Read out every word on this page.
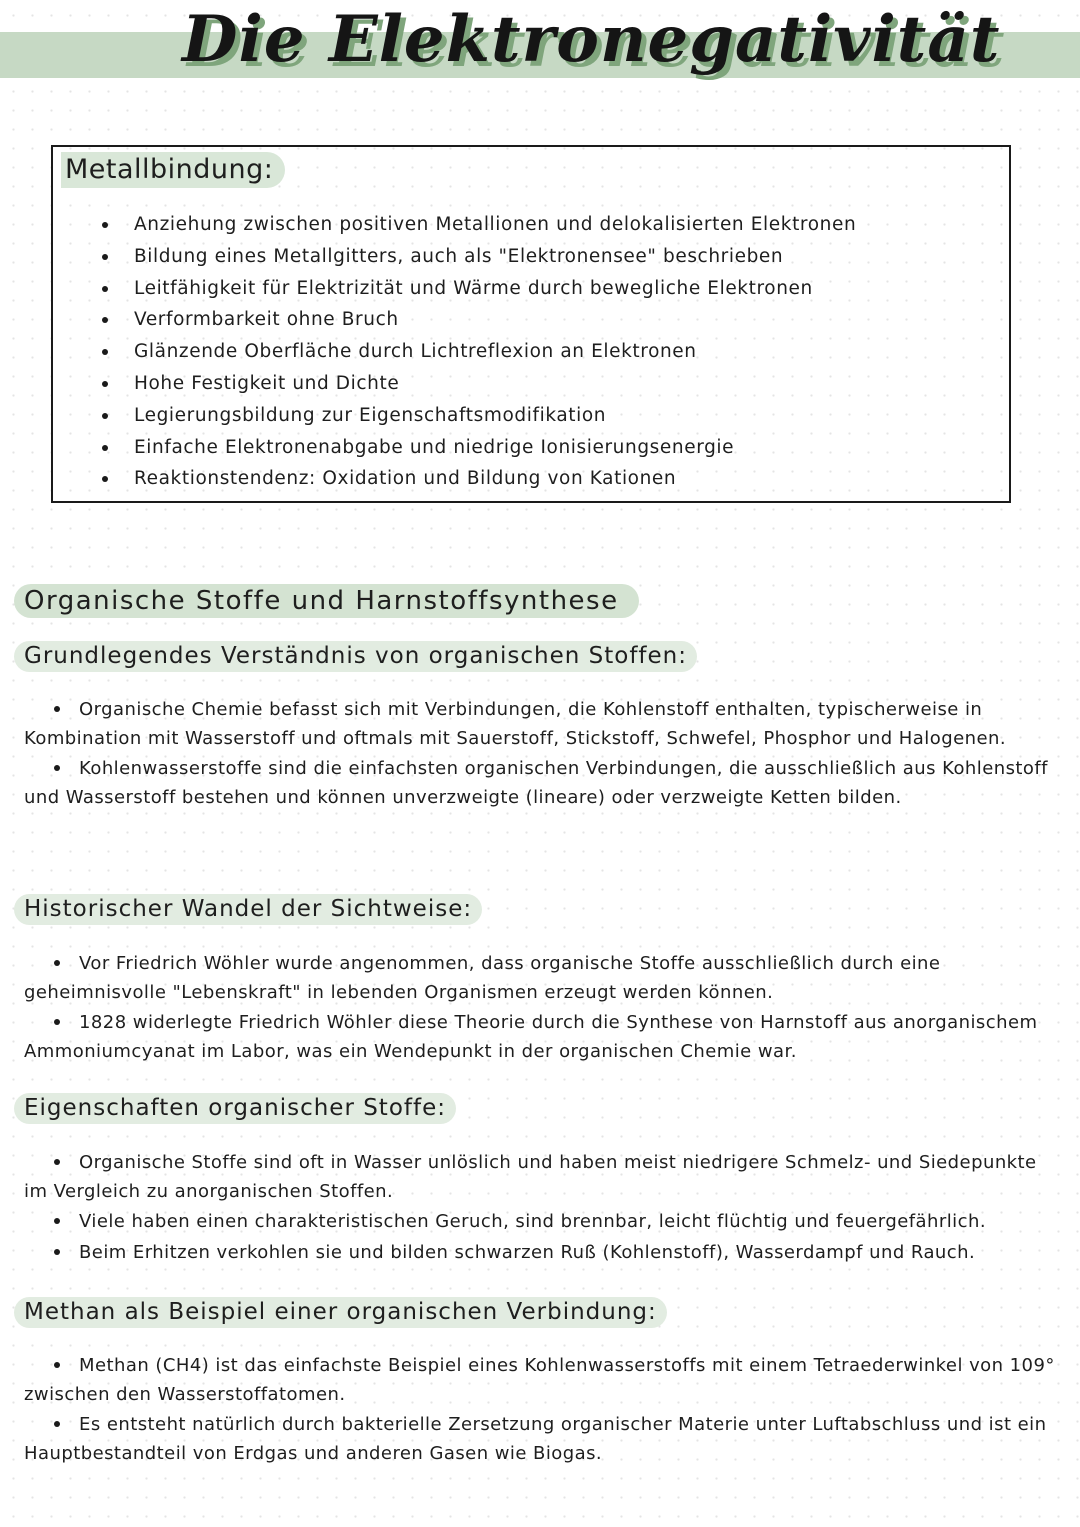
Die Elektronegativität
Metallbindung:
Anziehung zwischen positiven Metallionen und delokalisierten Elektronen
Bildung eines Metallgitters, auch als "Elektronensee" beschrieben
Leitfähigkeit für Elektrizität und Wärme durch bewegliche Elektronen
Verformbarkeit ohne Bruch
Glänzende Oberfläche durch Lichtreflexion an Elektronen
Hohe Festigkeit und Dichte
Legierungsbildung zur Eigenschaftsmodifikation
Einfache Elektronenabgabe und niedrige Ionisierungsenergie
Reaktionstendenz: Oxidation und Bildung von Kationen
Organische Stoffe und Harnstoffsynthese
Grundlegendes Verständnis von organischen Stoffen:

Organische Chemie befasst sich mit Verbindungen, die Kohlenstoff enthalten, typischerweise in Kombination mit Wasserstoff und oftmals mit Sauerstoff, Stickstoff, Schwefel, Phosphor und Halogenen.

Kohlenwasserstoffe sind die einfachsten organischen Verbindungen, die ausschließlich aus Kohlenstoff und Wasserstoff bestehen und können unverzweigte (lineare) oder verzweigte Ketten bilden.

Historischer Wandel der Sichtweise:

Vor Friedrich Wöhler wurde angenommen, dass organische Stoffe ausschließlich durch eine geheimnisvolle "Lebenskraft" in lebenden Organismen erzeugt werden können.

1828 widerlegte Friedrich Wöhler diese Theorie durch die Synthese von Harnstoff aus anorganischem Ammoniumcyanat im Labor, was ein Wendepunkt in der organischen Chemie war.

Eigenschaften organischer Stoffe:

Organische Stoffe sind oft in Wasser unlöslich und haben meist niedrigere Schmelz- und Siedepunkte im Vergleich zu anorganischen Stoffen.

Viele haben einen charakteristischen Geruch, sind brennbar, leicht flüchtig und feuergefährlich.

Beim Erhitzen verkohlen sie und bilden schwarzen Ruß (Kohlenstoff), Wasserdampf und Rauch.

Methan als Beispiel einer organischen Verbindung:

Methan (CH4) ist das einfachste Beispiel eines Kohlenwasserstoffs mit einem Tetraederwinkel von 109° zwischen den Wasserstoffatomen.

Es entsteht natürlich durch bakterielle Zersetzung organischer Materie unter Luftabschluss und ist ein Hauptbestandteil von Erdgas und anderen Gasen wie Biogas.
